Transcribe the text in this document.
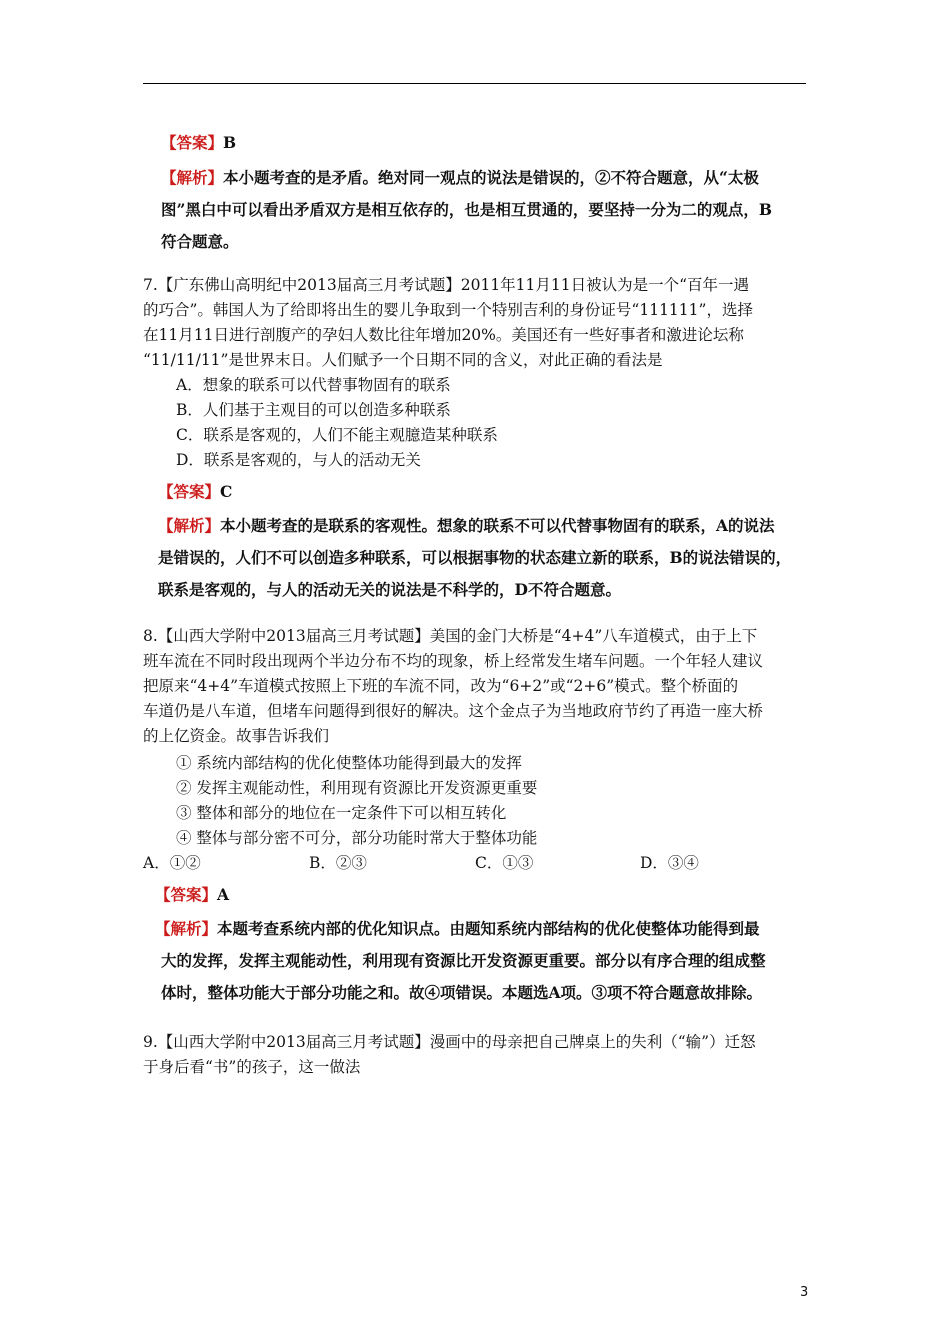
【答案】B
【解析】本小题考查的是矛盾。绝对同一观点的说法是错误的，②不符合题意，从“太极
图”黑白中可以看出矛盾双方是相互依存的，也是相互贯通的，要坚持一分为二的观点，B
符合题意。
7.【广东佛山高明纪中2013届高三月考试题】2011年11月11日被认为是一个“百年一遇
的巧合”。韩国人为了给即将出生的婴儿争取到一个特别吉利的身份证号“111111”，选择
在11月11日进行剖腹产的孕妇人数比往年增加20%。美国还有一些好事者和激进论坛称
“11/11/11”是世界末日。人们赋予一个日期不同的含义，对此正确的看法是
A．想象的联系可以代替事物固有的联系
B．人们基于主观目的可以创造多种联系
C．联系是客观的，人们不能主观臆造某种联系
D．联系是客观的，与人的活动无关
【答案】C
【解析】本小题考查的是联系的客观性。想象的联系不可以代替事物固有的联系，A的说法
是错误的，人们不可以创造多种联系，可以根据事物的状态建立新的联系，B的说法错误的，
联系是客观的，与人的活动无关的说法是不科学的，D不符合题意。
8.【山西大学附中2013届高三月考试题】美国的金门大桥是“4+4”八车道模式，由于上下
班车流在不同时段出现两个半边分布不均的现象，桥上经常发生堵车问题。一个年轻人建议
把原来“4+4”车道模式按照上下班的车流不同，改为“6+2”或“2+6”模式。整个桥面的
车道仍是八车道，但堵车问题得到很好的解决。这个金点子为当地政府节约了再造一座大桥
的上亿资金。故事告诉我们
① 系统内部结构的优化使整体功能得到最大的发挥
② 发挥主观能动性，利用现有资源比开发资源更重要
③ 整体和部分的地位在一定条件下可以相互转化
④ 整体与部分密不可分，部分功能时常大于整体功能
【答案】A
【解析】本题考查系统内部的优化知识点。由题知系统内部结构的优化使整体功能得到最
大的发挥，发挥主观能动性，利用现有资源比开发资源更重要。部分以有序合理的组成整
体时，整体功能大于部分功能之和。故④项错误。本题选A项。③项不符合题意故排除。
9.【山西大学附中2013届高三月考试题】漫画中的母亲把自己牌桌上的失利（“输”）迁怒
于身后看“书”的孩子，这一做法
A．①②	B．②③	C．①③	D．③④
3
